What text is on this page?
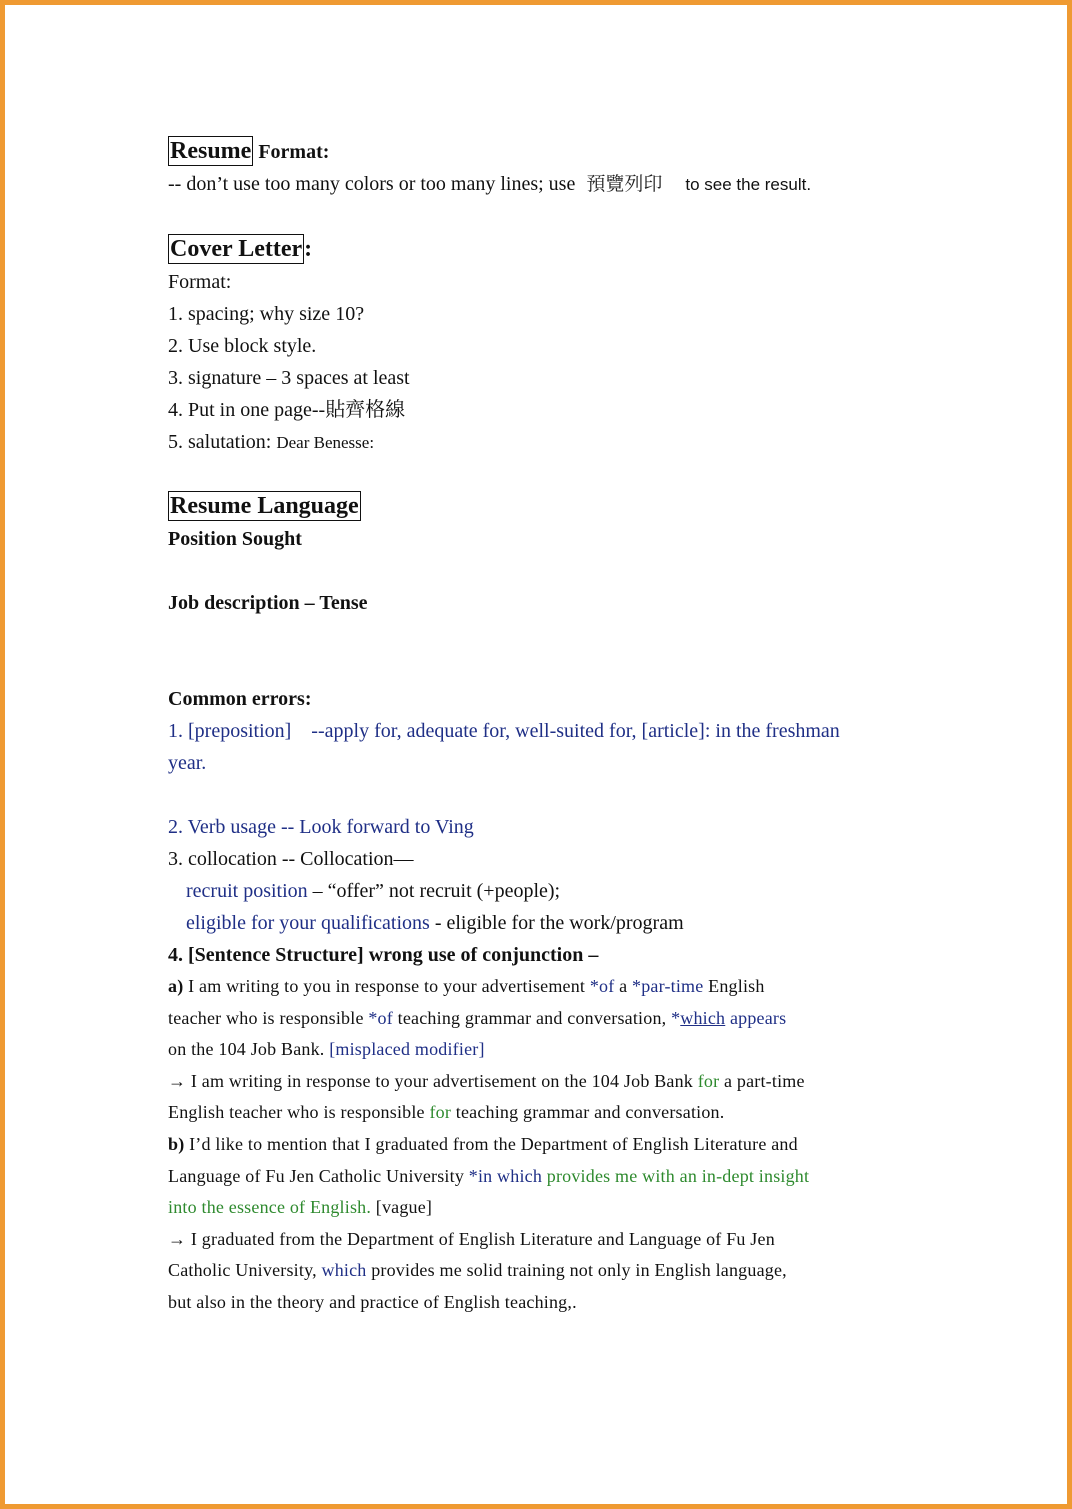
Resume Format:
-- don’t use too many colors or too many lines; use 預覽列印 to see the result.
Cover Letter:
Format:
1. spacing; why size 10?
2. Use block style.
3. signature – 3 spaces at least
4. Put in one page--貼齊格線
5. salutation: Dear Benesse:
Resume Language
Position Sought
Job description – Tense
Common errors:
1. [preposition]    --apply for, adequate for, well-suited for, [article]: in the freshman
year.
2. Verb usage -- Look forward to Ving
3. collocation -- Collocation—
recruit position – “offer” not recruit (+people);
eligible for your qualifications - eligible for the work/program
4. [Sentence Structure] wrong use of conjunction –
a) I am writing to you in response to your advertisement *of a *par-time English
teacher who is responsible *of teaching grammar and conversation, *which appears
on the 104 Job Bank. [misplaced modifier]
→ I am writing in response to your advertisement on the 104 Job Bank for a part-time
English teacher who is responsible for teaching grammar and conversation.
b) I’d like to mention that I graduated from the Department of English Literature and
Language of Fu Jen Catholic University *in which provides me with an in-dept insight
into the essence of English. [vague]
→ I graduated from the Department of English Literature and Language of Fu Jen
Catholic University, which provides me solid training not only in English language,
but also in the theory and practice of English teaching,.
